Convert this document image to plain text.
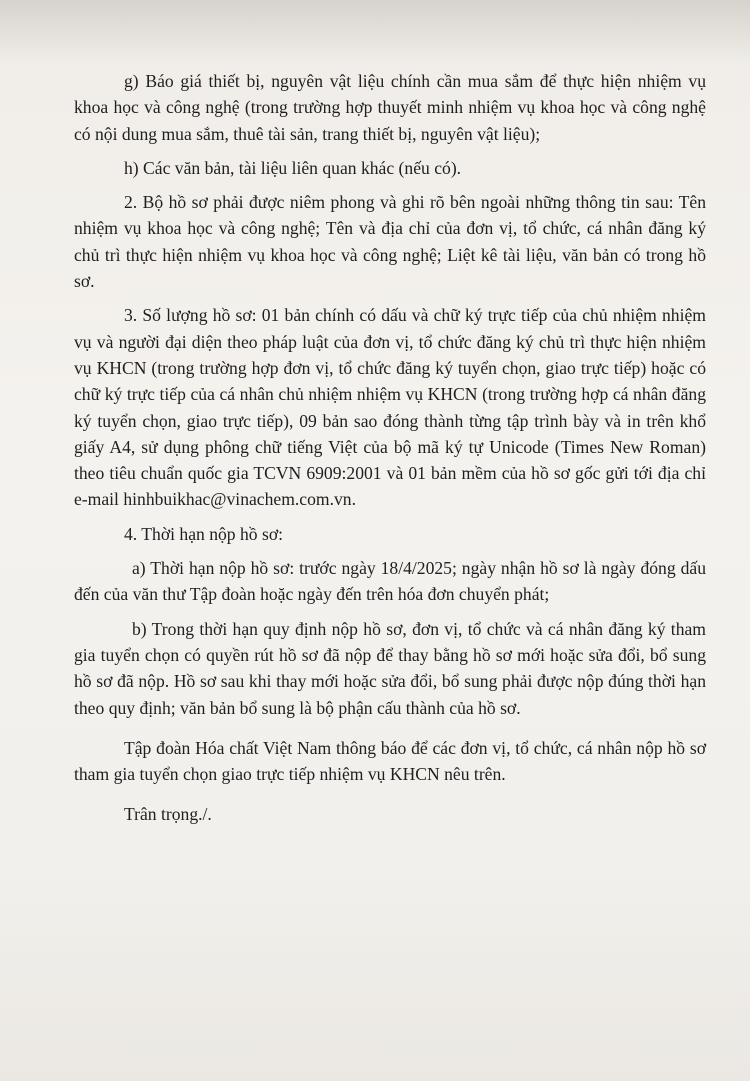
g) Báo giá thiết bị, nguyên vật liệu chính cần mua sắm để thực hiện nhiệm vụ khoa học và công nghệ (trong trường hợp thuyết minh nhiệm vụ khoa học và công nghệ có nội dung mua sắm, thuê tài sản, trang thiết bị, nguyên vật liệu);

h) Các văn bản, tài liệu liên quan khác (nếu có).

2. Bộ hồ sơ phải được niêm phong và ghi rõ bên ngoài những thông tin sau: Tên nhiệm vụ khoa học và công nghệ; Tên và địa chỉ của đơn vị, tổ chức, cá nhân đăng ký chủ trì thực hiện nhiệm vụ khoa học và công nghệ; Liệt kê tài liệu, văn bản có trong hồ sơ.

3. Số lượng hồ sơ: 01 bản chính có dấu và chữ ký trực tiếp của chủ nhiệm nhiệm vụ và người đại diện theo pháp luật của đơn vị, tổ chức đăng ký chủ trì thực hiện nhiệm vụ KHCN (trong trường hợp đơn vị, tổ chức đăng ký tuyển chọn, giao trực tiếp) hoặc có chữ ký trực tiếp của cá nhân chủ nhiệm nhiệm vụ KHCN (trong trường hợp cá nhân đăng ký tuyển chọn, giao trực tiếp), 09 bản sao đóng thành từng tập trình bày và in trên khổ giấy A4, sử dụng phông chữ tiếng Việt của bộ mã ký tự Unicode (Times New Roman) theo tiêu chuẩn quốc gia TCVN 6909:2001 và 01 bản mềm của hồ sơ gốc gửi tới địa chỉ e-mail hinhbuikhac@vinachem.com.vn.

4. Thời hạn nộp hồ sơ:

a) Thời hạn nộp hồ sơ: trước ngày 18/4/2025; ngày nhận hồ sơ là ngày đóng dấu đến của văn thư Tập đoàn hoặc ngày đến trên hóa đơn chuyển phát;

b) Trong thời hạn quy định nộp hồ sơ, đơn vị, tổ chức và cá nhân đăng ký tham gia tuyển chọn có quyền rút hồ sơ đã nộp để thay bằng hồ sơ mới hoặc sửa đổi, bổ sung hồ sơ đã nộp. Hồ sơ sau khi thay mới hoặc sửa đổi, bổ sung phải được nộp đúng thời hạn theo quy định; văn bản bổ sung là bộ phận cấu thành của hồ sơ.

Tập đoàn Hóa chất Việt Nam thông báo để các đơn vị, tổ chức, cá nhân nộp hồ sơ tham gia tuyển chọn giao trực tiếp nhiệm vụ KHCN nêu trên.

Trân trọng./.
